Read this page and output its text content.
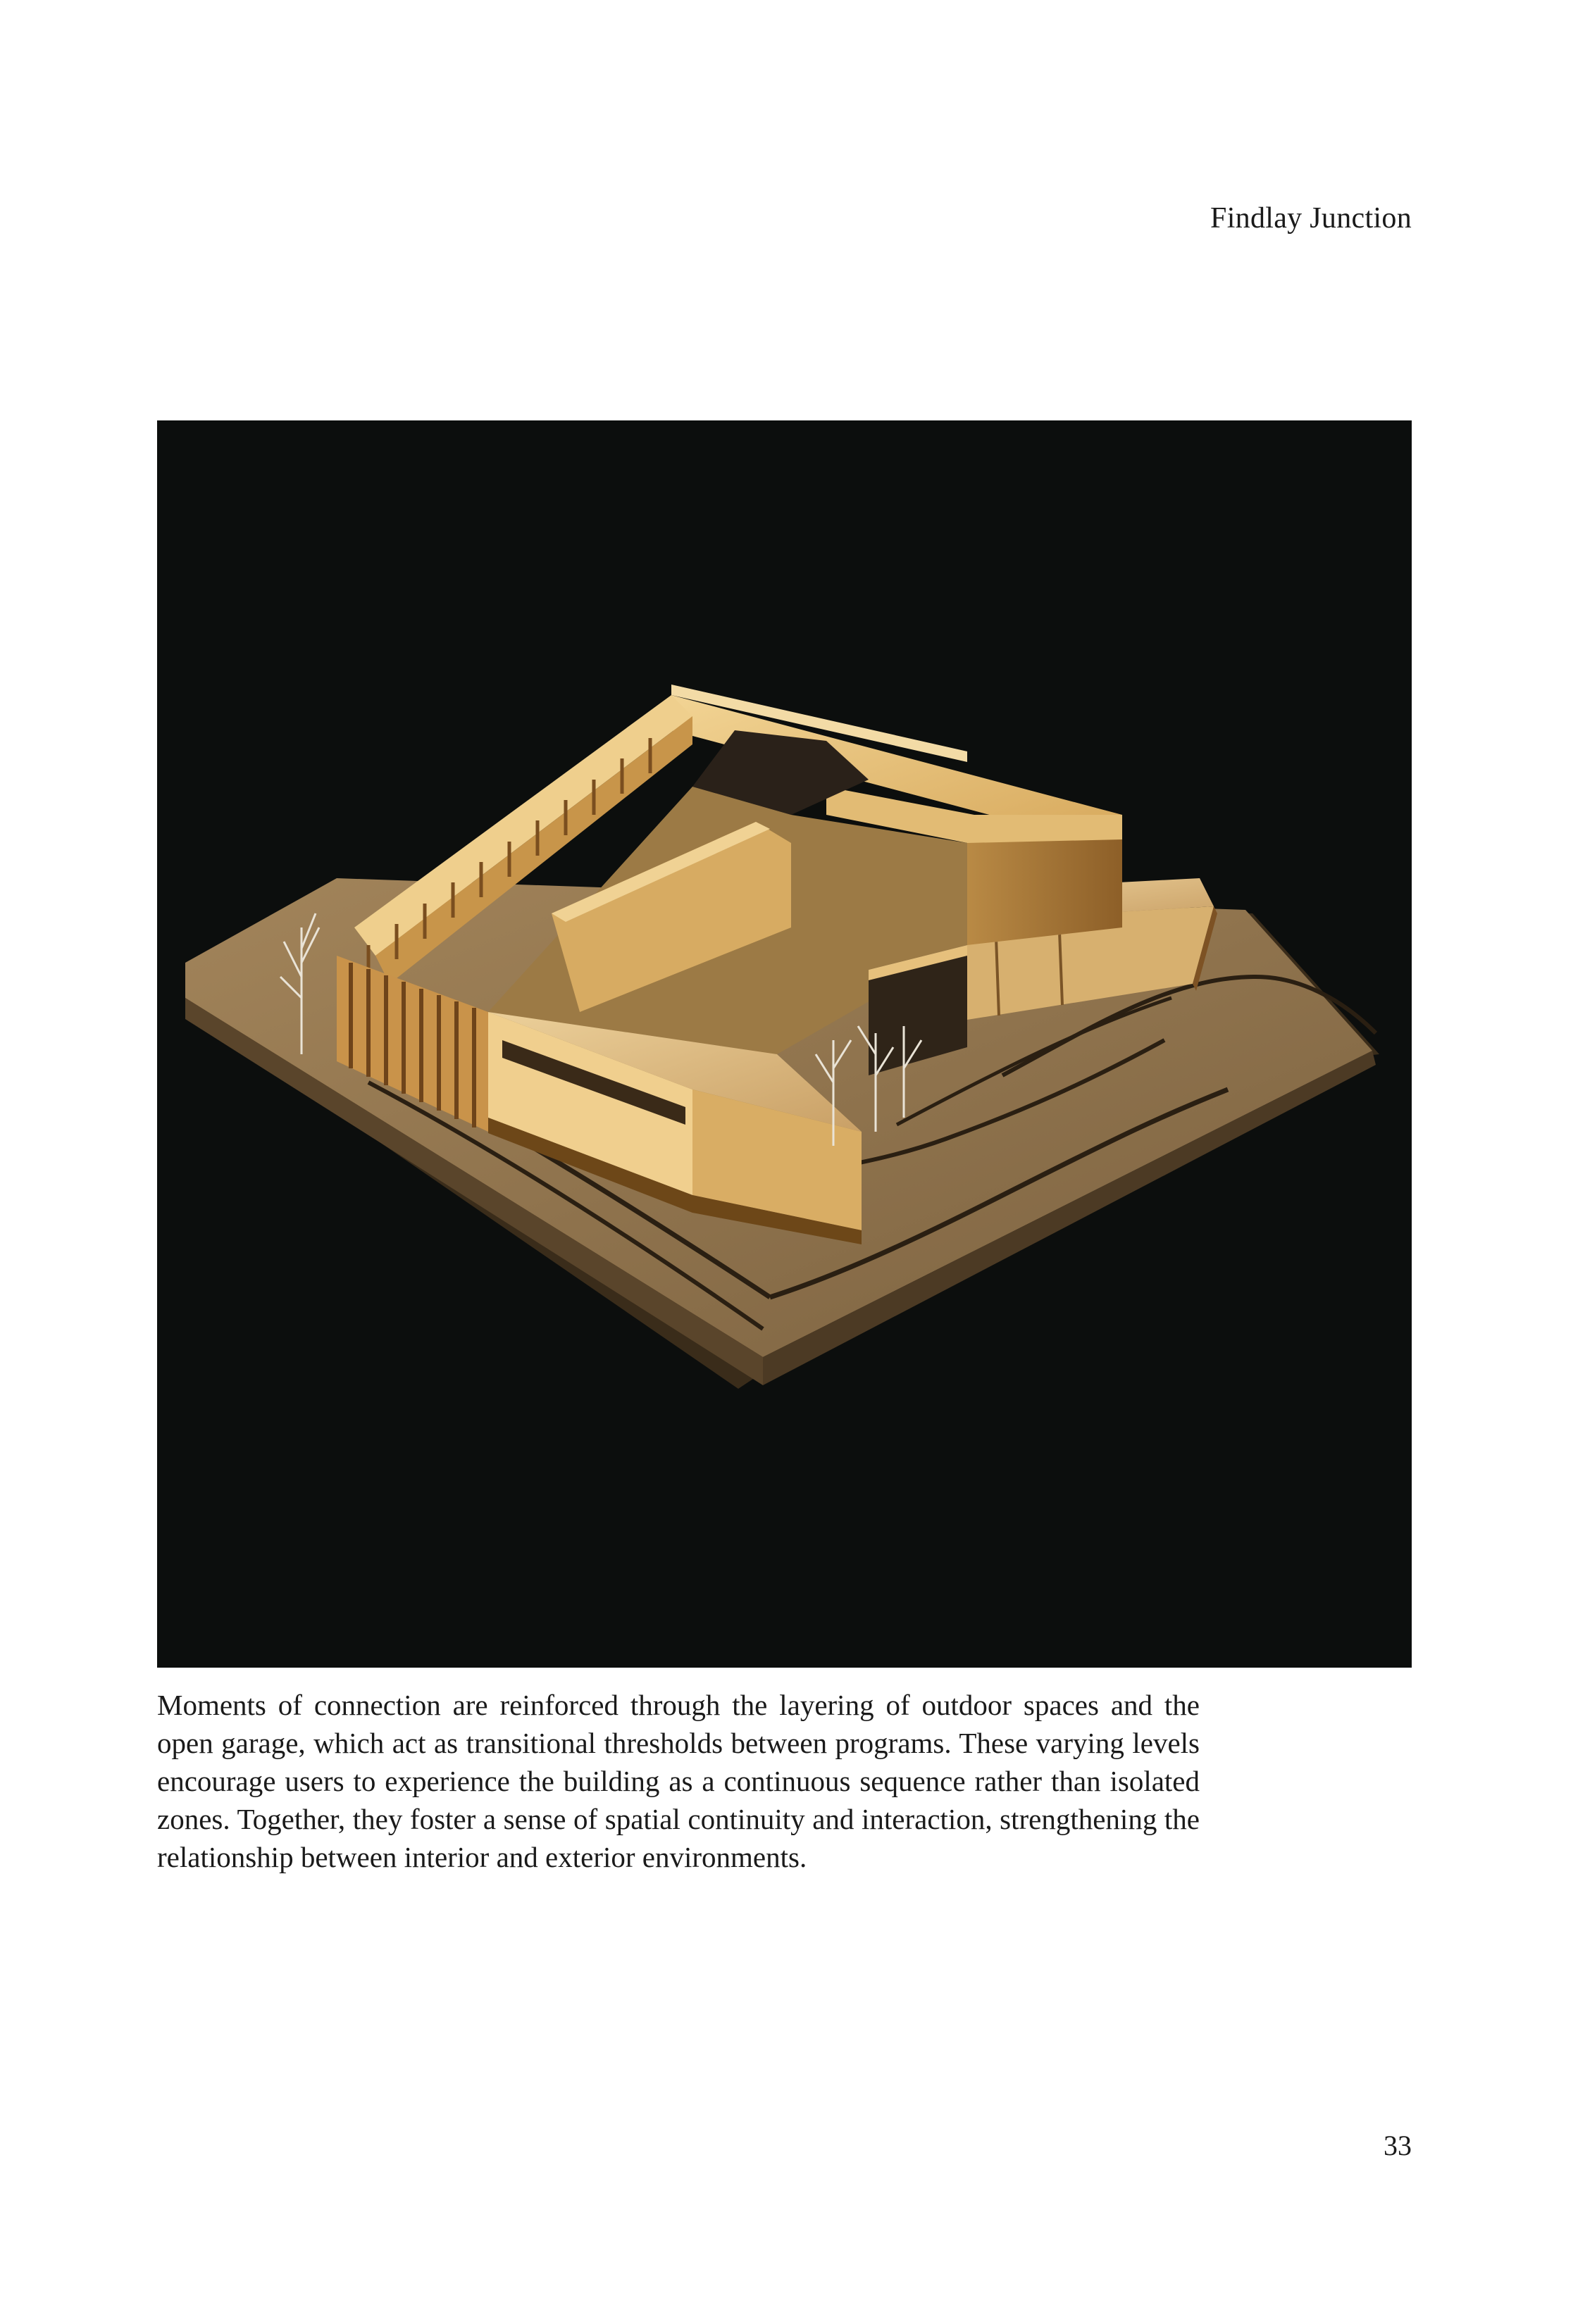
Findlay Junction

Moments of connection are reinforced through the layering of outdoor spaces and the open garage, which act as transitional thresholds between programs. These varying levels encourage users to experience the building as a continuous sequence rather than isolated zones. Together, they foster a sense of spatial continuity and interaction, strengthening the relationship between interior and exterior environments.

33
